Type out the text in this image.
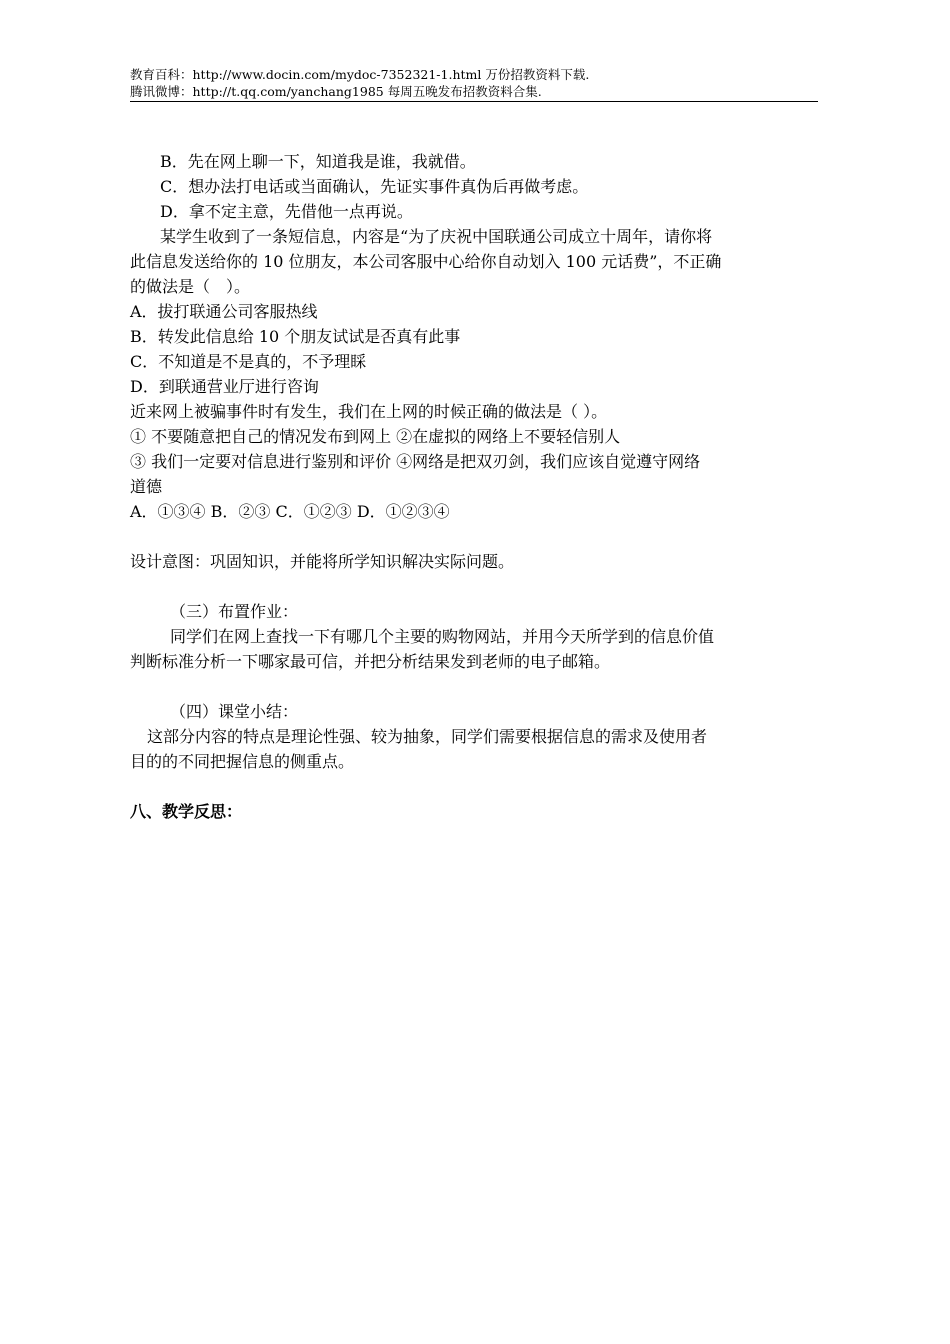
教育百科：http://www.docin.com/mydoc-7352321-1.html 万份招教资料下载.
腾讯微博：http://t.qq.com/yanchang1985 每周五晚发布招教资料合集.
B．先在网上聊一下，知道我是谁，我就借。
C．想办法打电话或当面确认，先证实事件真伪后再做考虑。
D．拿不定主意，先借他一点再说。
某学生收到了一条短信息，内容是“为了庆祝中国联通公司成立十周年，请你将
此信息发送给你的 10 位朋友，本公司客服中心给你自动划入 100 元话费”，不正确
的做法是（　）。
A．拔打联通公司客服热线
B．转发此信息给 10 个朋友试试是否真有此事
C．不知道是不是真的，不予理睬
D．到联通营业厅进行咨询
近来网上被骗事件时有发生，我们在上网的时候正确的做法是（ ）。
① 不要随意把自己的情况发布到网上 ②在虚拟的网络上不要轻信别人
③ 我们一定要对信息进行鉴别和评价 ④网络是把双刃剑，我们应该自觉遵守网络
道德
A．①③④ B．②③ C．①②③ D．①②③④
设计意图：巩固知识，并能将所学知识解决实际问题。
（三）布置作业：
同学们在网上查找一下有哪几个主要的购物网站，并用今天所学到的信息价值
判断标准分析一下哪家最可信，并把分析结果发到老师的电子邮箱。
（四）课堂小结：
这部分内容的特点是理论性强、较为抽象，同学们需要根据信息的需求及使用者
目的的不同把握信息的侧重点。
八、教学反思：
